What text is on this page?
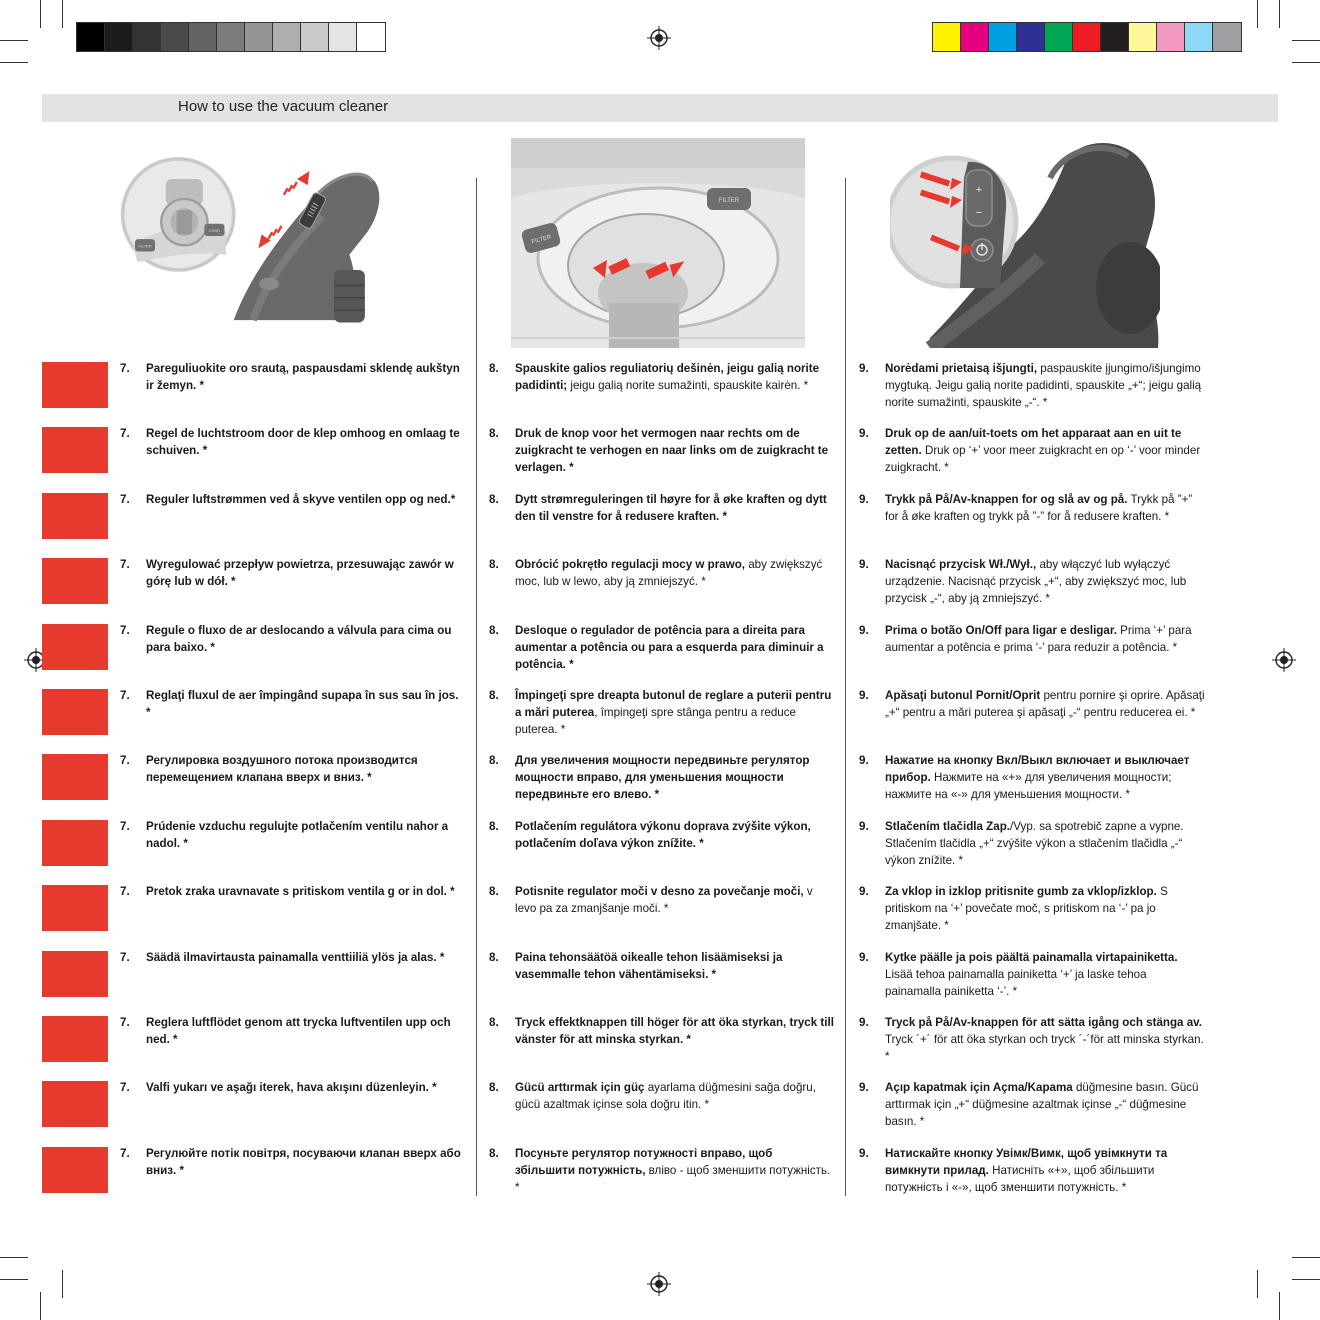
How to use the vacuum cleaner
FILTER
CORD
FILTER
FILTER
+
−
7. Pareguliuokite oro srautą, paspausdami sklendę aukštyn ir žemyn. *
8. Spauskite galios reguliatorių dešinėn, jeigu galią norite padidinti; jeigu galią norite sumažinti, spauskite kairėn. *
9. Norėdami prietaisą išjungti, paspauskite įjungimo/išjungimo mygtuką. Jeigu galią norite padidinti, spauskite „+“; jeigu galią norite sumažinti, spauskite „-“. *
7. Regel de luchtstroom door de klep omhoog en omlaag te schuiven. *
8. Druk de knop voor het vermogen naar rechts om de zuigkracht te verhogen en naar links om de zuigkracht te verlagen. *
9. Druk op de aan/uit-toets om het apparaat aan en uit te zetten. Druk op ‘+’ voor meer zuigkracht en op ‘-’ voor minder zuigkracht. *
7. Reguler luftstrømmen ved å skyve ventilen opp og ned.*	8. Dytt strømreguleringen til høyre for å øke kraften og dytt den til venstre for å redusere kraften. *
9. Trykk på På/Av-knappen for og slå av og på. Trykk på ”+” for å øke kraften og trykk på ”-” for å redusere kraften. *
7. Wyregulować przepływ powietrza, przesuwając zawór w górę lub w dół. *
8. Obrócić pokrętło regulacji mocy w prawo, aby zwiększyć moc, lub w lewo, aby ją zmniejszyć. *
9. Nacisnąć przycisk Wł./Wył., aby włączyć lub wyłączyć urządzenie. Nacisnąć przycisk „+“, aby zwiększyć moc, lub przycisk „-“, aby ją zmniejszyć. *
7. Regule o fluxo de ar deslocando a válvula para cima ou para baixo. *
8. Desloque o regulador de potência para a direita para aumentar a potência ou para a esquerda para diminuir a potência. *
9. Prima o botão On/Off para ligar e desligar. Prima ‘+’ para aumentar a potência e prima ‘-’ para reduzir a potência. *
7. Reglaţi fluxul de aer împingând supapa în sus sau în jos. *
8. Împingeţi spre dreapta butonul de reglare a puterii pentru a mări puterea, împingeţi spre stânga pentru a reduce puterea. *
9. Apăsaţi butonul Pornit/Oprit pentru pornire şi oprire. Apăsaţi „+“ pentru a mări puterea şi apăsaţi „-“ pentru reducerea ei. *
7. Регулировка воздушного потока производится перемещением клапана вверх и вниз. *
8. Для увеличения мощности передвиньте регулятор мощности вправо, для уменьшения мощности передвиньте его влево. *
9. Нажатие на кнопку Вкл/Выкл включает и выключает прибор. Нажмите на «+» для увеличения мощности; нажмите на «-» для уменьшения мощности. *
7. Prúdenie vzduchu regulujte potlačením ventilu nahor a nadol. *
8. Potlačením regulátora výkonu doprava zvýšite výkon, potlačením doľava výkon znížite. *
9. Stlačením tlačidla Zap./Vyp. sa spotrebič zapne a vypne. Stlačením tlačidla „+“ zvýšite výkon a stlačením tlačidla „-“ výkon znížite. *
7. Pretok zraka uravnavate s pritiskom ventila g or in dol. *	8. Potisnite regulator moči v desno za povečanje moči, v levo pa za zmanjšanje moči. *
9. Za vklop in izklop pritisnite gumb za vklop/izklop. S pritiskom na ‘+’ povečate moč, s pritiskom na ‘-’ pa jo zmanjšate. *
7. Säädä ilmavirtausta painamalla venttiiliä ylös ja alas. *	8. Paina tehonsäätöä oikealle tehon lisäämiseksi ja vasemmalle tehon vähentämiseksi. *
9. Kytke päälle ja pois päältä painamalla virtapainiketta. Lisää tehoa painamalla painiketta ‘+’ ja laske tehoa painamalla painiketta ‘-’. *
7. Reglera luftflödet genom att trycka luftventilen upp och ned. *
8. Tryck effektknappen till höger för att öka styrkan, tryck till vänster för att minska styrkan. *
9. Tryck på På/Av-knappen för att sätta igång och stänga av. Tryck ´+´ för att öka styrkan och tryck ´-´för att minska styrkan. *
7. Valfi yukarı ve aşağı iterek, hava akışını düzenleyin. *	8. Gücü arttırmak için güç ayarlama düğmesini sağa doğru, gücü azaltmak içinse sola doğru itin. *
9. Açıp kapatmak için Açma/Kapama düğmesine basın. Gücü arttırmak için „+“ düğmesine azaltmak içinse „-“ düğmesine basın. *
7. Регулюйте потік повітря, посуваючи клапан вверх або вниз. *
8. Посуньте регулятор потужності вправо, щоб збільшити потужність, вліво - щоб зменшити потужність. *
9. Натискайте кнопку Увімк/Вимк, щоб увімкнути та вимкнути прилад. Натисніть «+», щоб збільшити потужність і «-», щоб зменшити потужність. *
